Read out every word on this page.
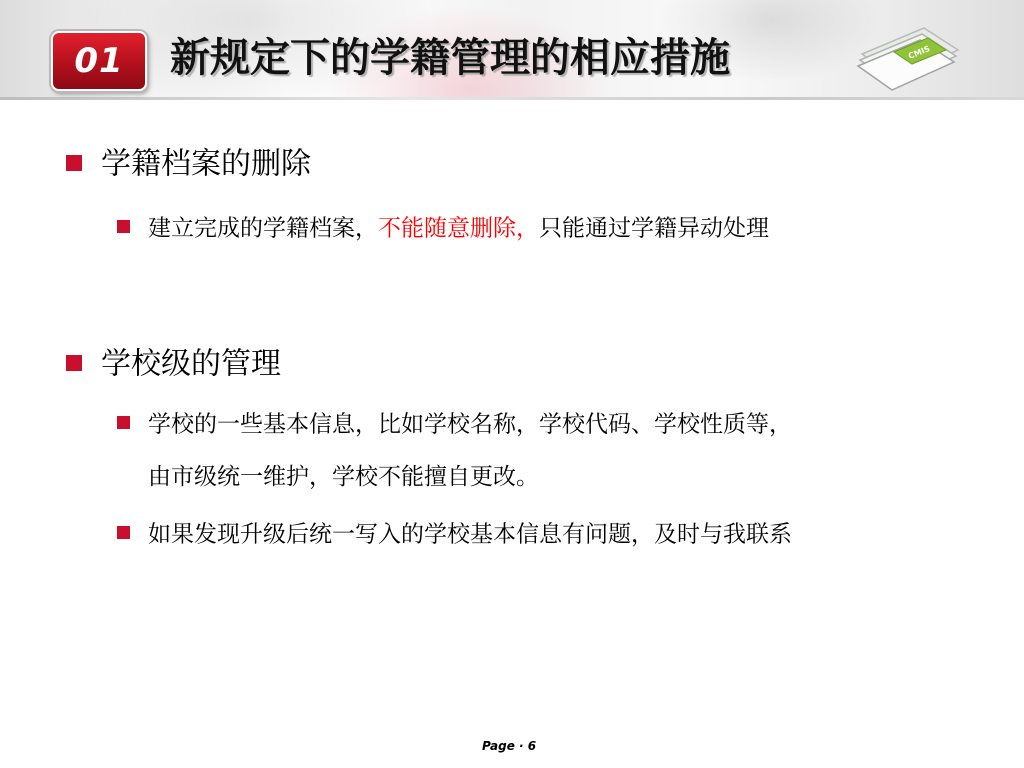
01 新规定下的学籍管理的相应措施	CMIS
学籍档案的删除
建立完成的学籍档案，不能随意删除，只能通过学籍异动处理
学校级的管理
学校的一些基本信息，比如学校名称，学校代码、学校性质等，
由市级统一维护，学校不能擅自更改。
如果发现升级后统一写入的学校基本信息有问题，及时与我联系
Page · 6
